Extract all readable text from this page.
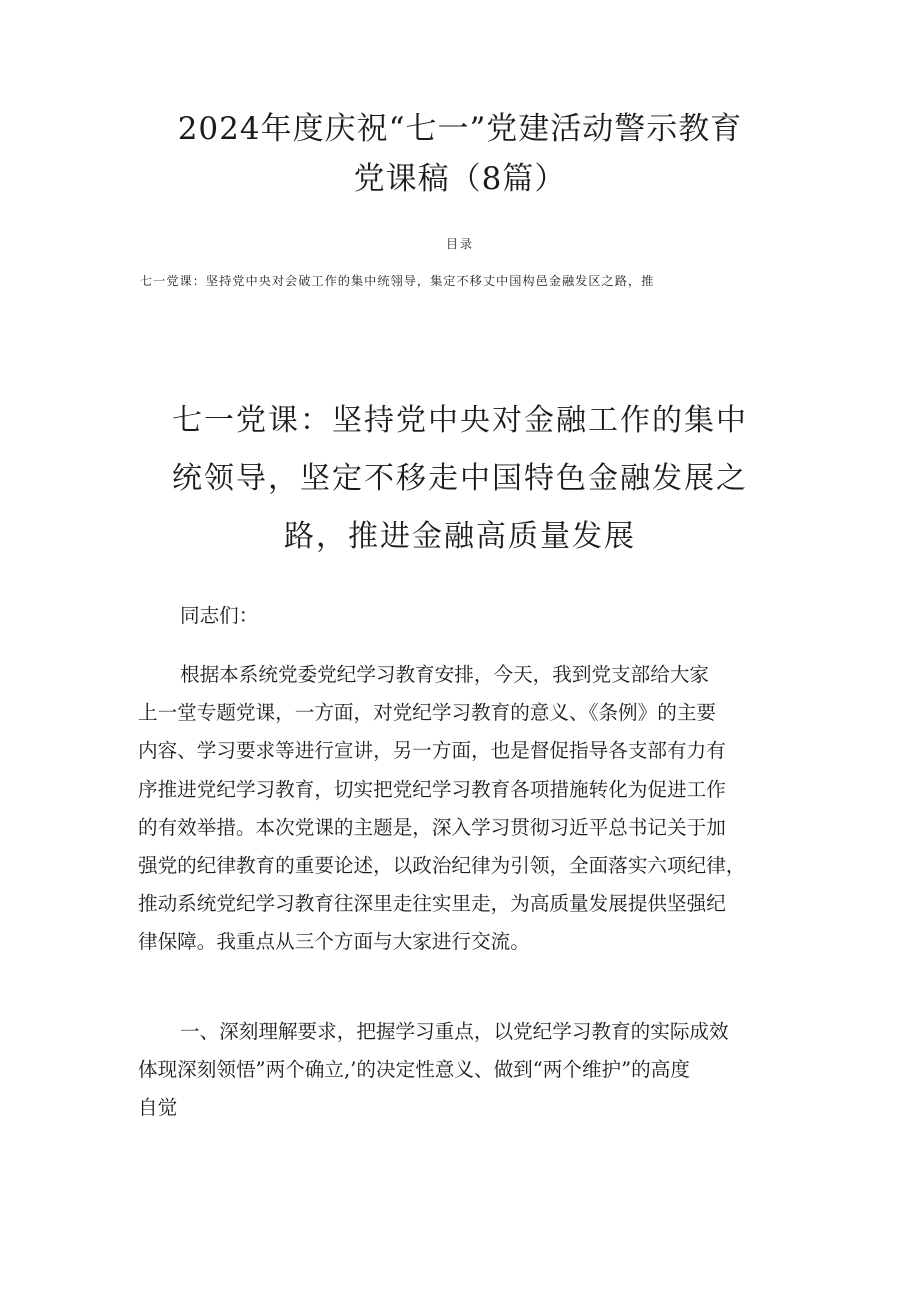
2024年度庆祝“七一”党建活动警示教育
党课稿（8篇）
目录
七一党课：坚持党中央对会破工作的集中统翎导，集定不移丈中国构邑金融发区之路，推
七一党课：坚持党中央对金融工作的集中
统领导，坚定不移走中国特色金融发展之
路，推进金融高质量发展

同志们：

根据本系统党委党纪学习教育安排，今天，我到党支部给大家
上一堂专题党课，一方面，对党纪学习教育的意义、《条例》的主要
内容、学习要求等进行宣讲，另一方面，也是督促指导各支部有力有
序推进党纪学习教育，切实把党纪学习教育各项措施转化为促进工作
的有效举措。本次党课的主题是，深入学习贯彻习近平总书记关于加
强党的纪律教育的重要论述，以政治纪律为引领，全面落实六项纪律，
推动系统党纪学习教育往深里走往实里走，为高质量发展提供坚强纪
律保障。我重点从三个方面与大家进行交流。

一、深刻理解要求，把握学习重点，以党纪学习教育的实际成效
体现深刻领悟”两个确立,’的决定性意义、做到“两个维护”的高度
自觉
